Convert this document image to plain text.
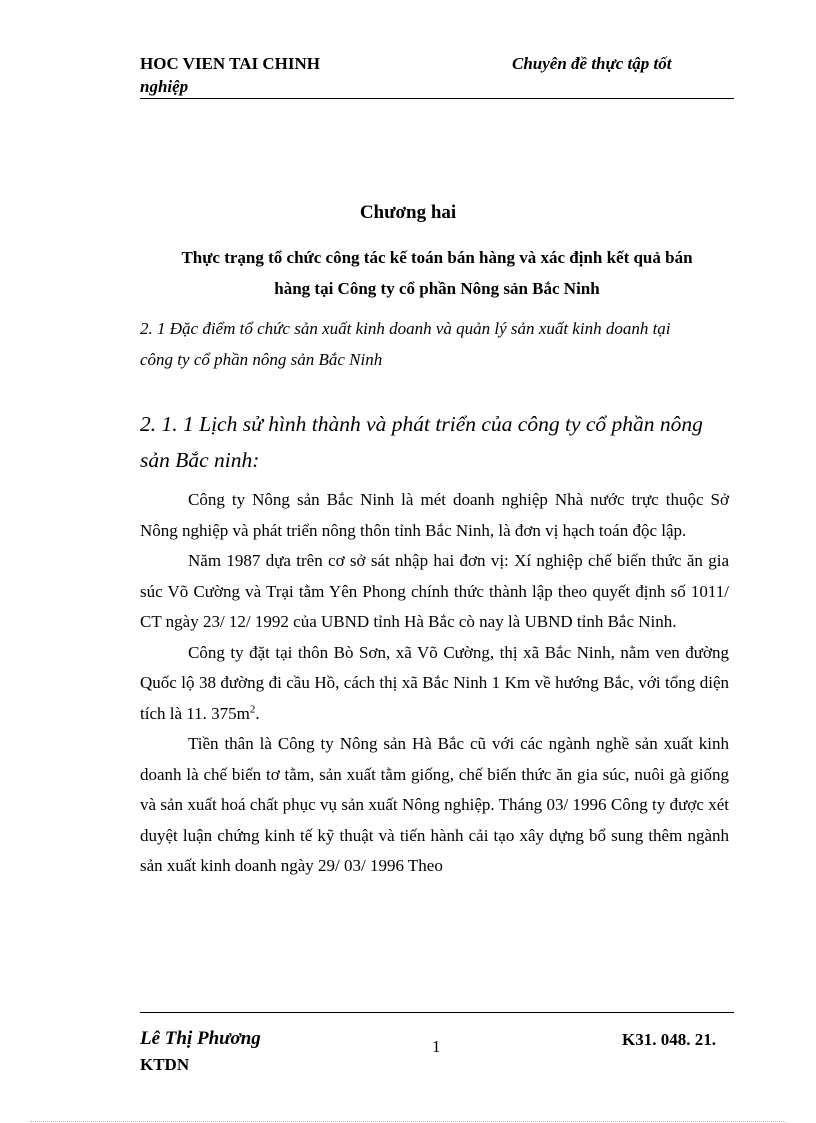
HOC VIEN TAI CHINH
nghiệp
Chuyên đề thực tập tốt
Chương hai
Thực trạng tổ chức công tác kế toán bán hàng và xác định kết quả bán
hàng tại Công ty cổ phần Nông sản Bắc Ninh
2. 1 Đặc điểm tổ chức sản xuất kinh doanh và quản lý sản xuất kinh doanh tại
công ty cổ phần nông sản Bắc Ninh
2. 1. 1 Lịch sử hình thành và phát triển của công ty cổ phần nông
sản Bắc ninh:

Công ty Nông sản Bắc Ninh là mét doanh nghiệp Nhà nước trực thuộc Sở Nông nghiệp và phát triển nông thôn tỉnh Bắc Ninh, là đơn vị hạch toán độc lập.

Năm 1987 dựa trên cơ sở sát nhập hai đơn vị: Xí nghiệp chế biến thức ăn gia súc Võ Cường và Trại tằm Yên Phong chính thức thành lập theo quyết định số 1011/ CT ngày 23/ 12/ 1992 của UBND tỉnh Hà Bắc cò nay là UBND tỉnh Bắc Ninh.

Công ty đặt tại thôn Bò Sơn, xã Võ Cường, thị xã Bắc Ninh, nằm ven đường Quốc lộ 38 đường đi cầu Hồ, cách thị xã Bắc Ninh 1 Km về hướng Bắc, với tổng diện tích là 11. $375m^2$.

Tiền thân là Công ty Nông sản Hà Bắc cũ với các ngành nghề sản xuất kinh doanh là chế biến tơ tằm, sản xuất tằm giống, chế biến thức ăn gia súc, nuôi gà giống và sản xuất hoá chất phục vụ sản xuất Nông nghiệp. Tháng 03/ 1996 Công ty được xét duyệt luận chứng kinh tế kỹ thuật và tiến hành cải tạo xây dựng bổ sung thêm ngành sản xuất kinh doanh ngày 29/ 03/ 1996 Theo

Lê Thị Phương
KTDN
1	K31. 048. 21.
